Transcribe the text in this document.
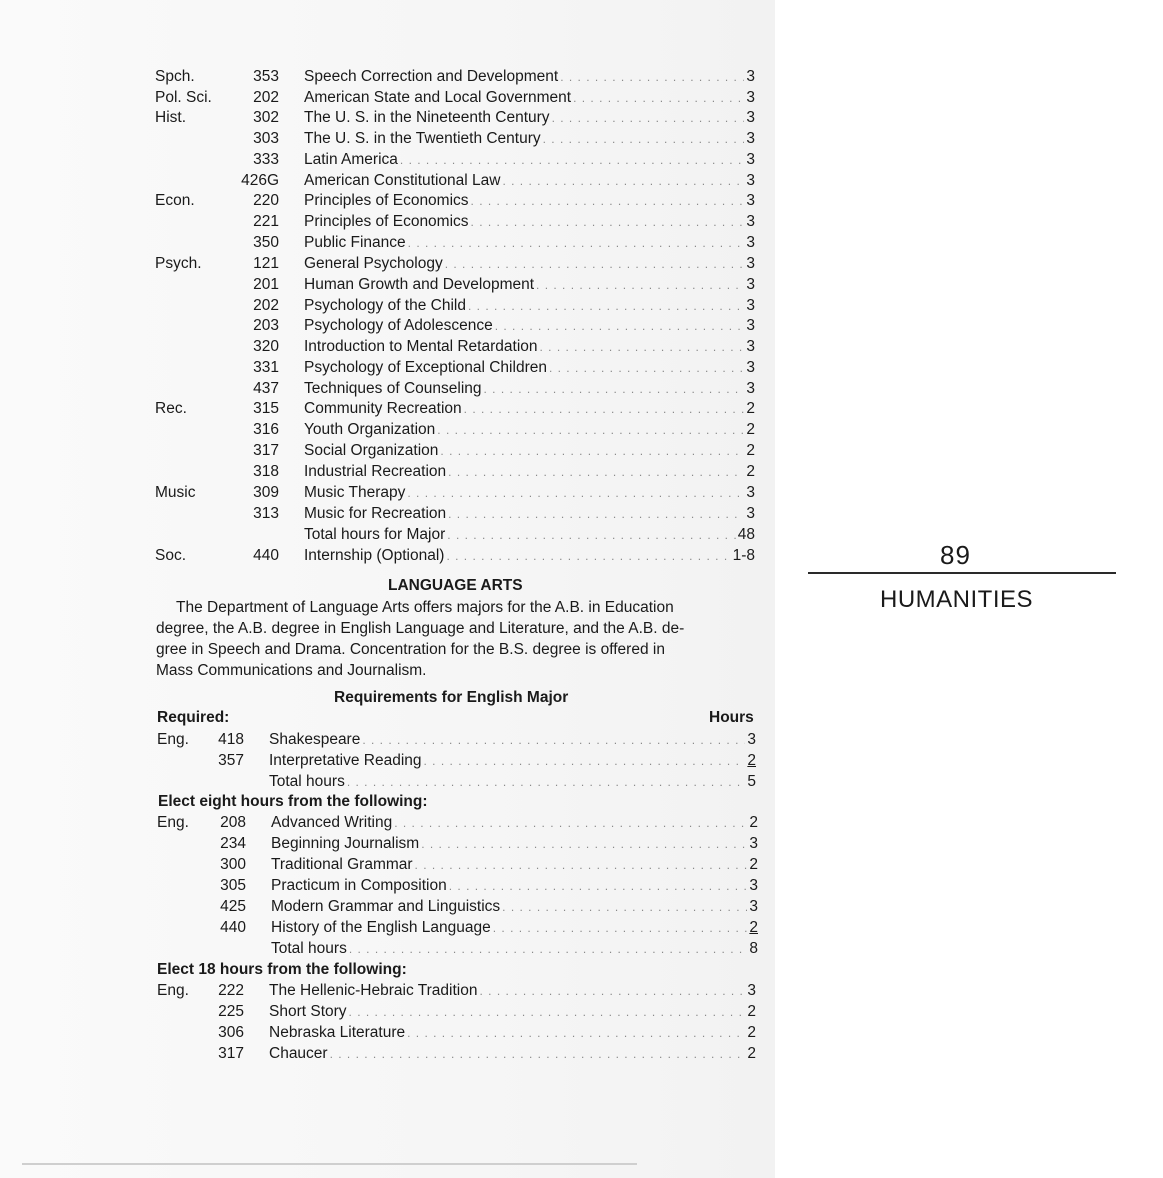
Spch.	353 Speech Correction and Development . . .	3
Pol. Sci.	202 American State and Local Government . . .	3
Hist.	302 The U. S. in the Nineteenth Century . . .	3
303 The U. S. in the Twentieth Century . . .	3
333 Latin America . . .	3
426G American Constitutional Law . . .	3
Econ.	220 Principles of Economics . . .	3
221 Principles of Economics . . .	3
350 Public Finance . . .	3
Psych.	121 General Psychology . . .	3
201 Human Growth and Development . . .	3
202 Psychology of the Child . . .	3
203 Psychology of Adolescence . . .	3
320 Introduction to Mental Retardation . . .	3
331 Psychology of Exceptional Children . . .	3
437 Techniques of Counseling . . .	3
Rec.	315 Community Recreation . . .	2
316 Youth Organization . . .	2
317 Social Organization . . .	2
318 Industrial Recreation . . .	2
Music	309 Music Therapy . . .	3
313 Music for Recreation . . .	3
Total hours for Major . . .	48
Soc.	440 Internship (Optional) . . .	1-8
LANGUAGE ARTS
The Department of Language Arts offers majors for the A.B. in Education
degree, the A.B. degree in English Language and Literature, and the A.B. de-
gree in Speech and Drama. Concentration for the B.S. degree is offered in
Mass Communications and Journalism.
Requirements for English Major
Required:	Hours
Eng.	418 Shakespeare . . .	3
357 Interpretative Reading . . .	2
Total hours . . .	5
Elect eight hours from the following:
Eng.	208 Advanced Writing . . .	2
234 Beginning Journalism . . .	3
300 Traditional Grammar . . .	2
305 Practicum in Composition . . .	3
425 Modern Grammar and Linguistics . . .	3
440 History of the English Language . . .	2
Total hours . . .	8
Elect 18 hours from the following:
Eng.	222 The Hellenic-Hebraic Tradition . . .	3
225 Short Story . . .	2
306 Nebraska Literature . . .	2
317 Chaucer . . .	2
89
HUMANITIES
